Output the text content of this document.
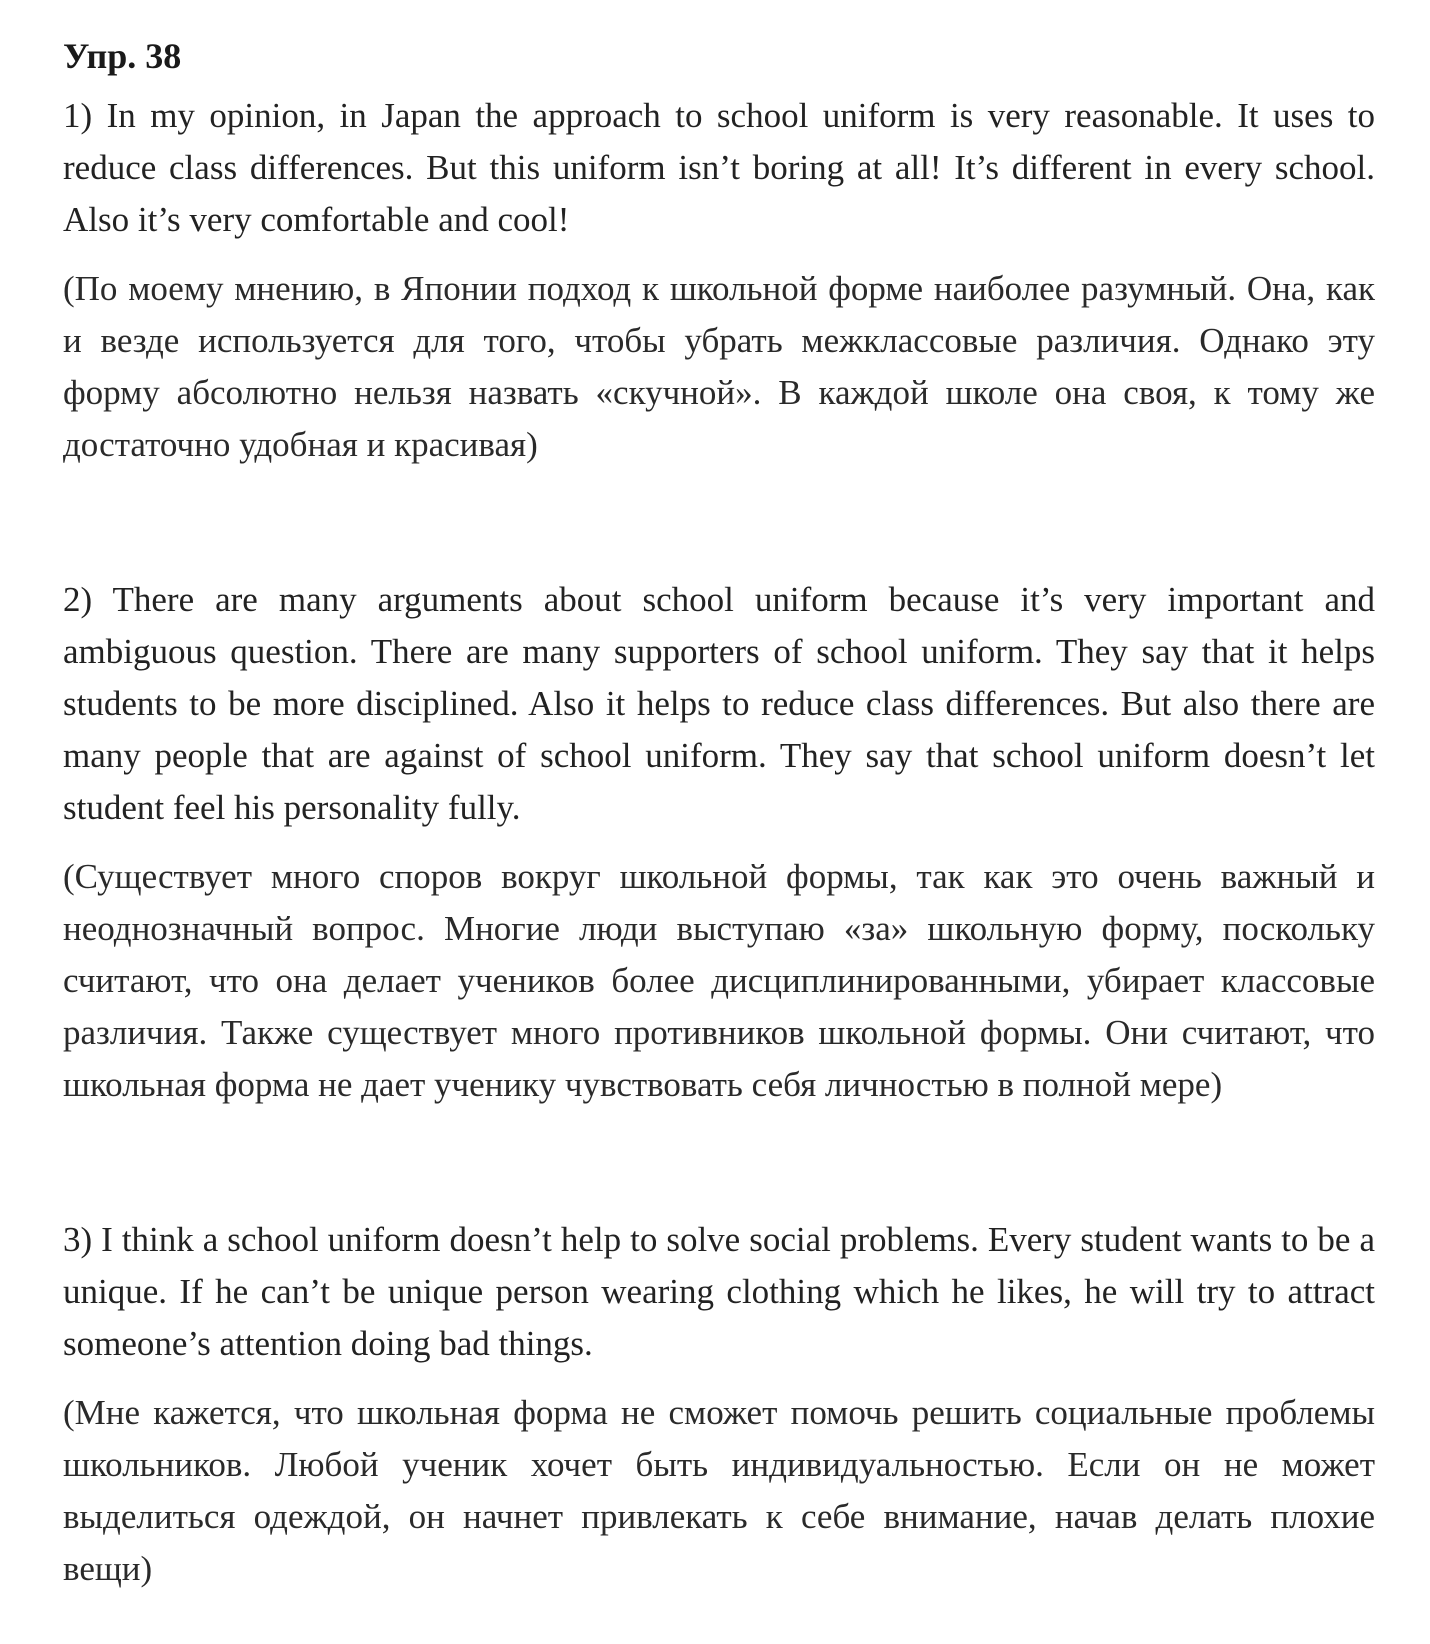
Упр. 38

1) In my opinion, in Japan the approach to school uniform is very reasonable. It uses to reduce class differences. But this uniform isn’t boring at all! It’s different in every school. Also it’s very comfortable and cool!

(По моему мнению, в Японии подход к школьной форме наиболее разумный. Она, как и везде используется для того, чтобы убрать межклассовые различия. Однако эту форму абсолютно нельзя назвать «скучной». В каждой школе она своя, к тому же достаточно удобная и красивая)

2) There are many arguments about school uniform because it’s very important and ambiguous question. There are many supporters of school uniform. They say that it helps students to be more disciplined. Also it helps to reduce class differences. But also there are many people that are against of school uniform. They say that school uniform doesn’t let student feel his personality fully.

(Существует много споров вокруг школьной формы, так как это очень важный и неоднозначный вопрос. Многие люди выступаю «за» школьную форму, поскольку считают, что она делает учеников более дисциплинированными, убирает классовые различия. Также существует много противников школьной формы. Они считают, что школьная форма не дает ученику чувствовать себя личностью в полной мере)

3) I think a school uniform doesn’t help to solve social problems. Every student wants to be a unique. If he can’t be unique person wearing clothing which he likes, he will try to attract someone’s attention doing bad things.

(Мне кажется, что школьная форма не сможет помочь решить социальные проблемы школьников. Любой ученик хочет быть индивидуальностью. Если он не может выделиться одеждой, он начнет привлекать к себе внимание, начав делать плохие вещи)
